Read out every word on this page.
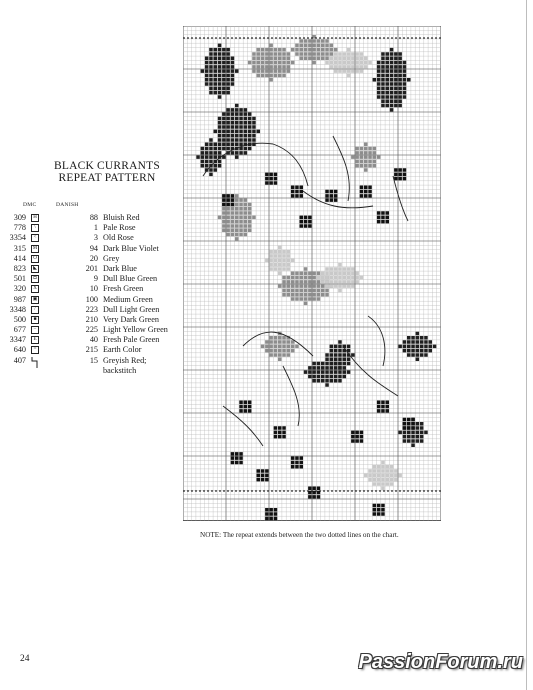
BLACK CURRANTS
REPEAT PATTERN
DMC	DANISH
309	H	88 Bluish Red
778	\	1 Pale Rose
3354	<	3 Old Rose
315	M	94 Dark Blue Violet
414	O	20 Grey
823	◣	201 Dark Blue
501	◘	9 Dull Blue Green
320	X	10 Fresh Green
987	▣	100 Medium Green
3348	/	223 Dull Light Green
500	■	210 Very Dark Green
677	−	225 Light Yellow Green
3347	E	40 Fresh Pale Green
640	=	215 Earth Color
407	15 Greyish Red;
backstitch
NOTE: The repeat extends between the two dotted lines on the chart.
24	PassionForum.ru
